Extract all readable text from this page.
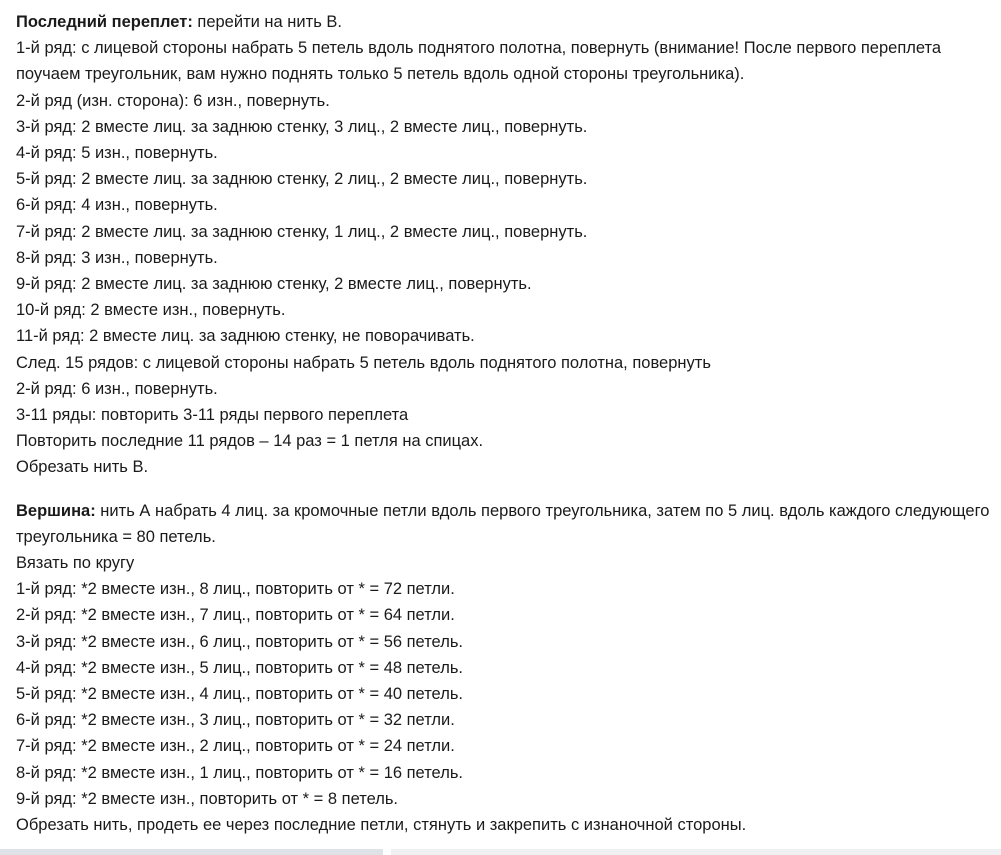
Последний переплет: перейти на нить В.
1-й ряд: с лицевой стороны набрать 5 петель вдоль поднятого полотна, повернуть (внимание! После первого переплета поучаем треугольник, вам нужно поднять только 5 петель вдоль одной стороны треугольника).
2-й ряд (изн. сторона): 6 изн., повернуть.
3-й ряд: 2 вместе лиц. за заднюю стенку, 3 лиц., 2 вместе лиц., повернуть.
4-й ряд: 5 изн., повернуть.
5-й ряд: 2 вместе лиц. за заднюю стенку, 2 лиц., 2 вместе лиц., повернуть.
6-й ряд: 4 изн., повернуть.
7-й ряд: 2 вместе лиц. за заднюю стенку, 1 лиц., 2 вместе лиц., повернуть.
8-й ряд: 3 изн., повернуть.
9-й ряд: 2 вместе лиц. за заднюю стенку, 2 вместе лиц., повернуть.
10-й ряд: 2 вместе изн., повернуть.
11-й ряд: 2 вместе лиц. за заднюю стенку, не поворачивать.
След. 15 рядов: с лицевой стороны набрать 5 петель вдоль поднятого полотна, повернуть
2-й ряд: 6 изн., повернуть.
3-11 ряды: повторить 3-11 ряды первого переплета
Повторить последние 11 рядов – 14 раз = 1 петля на спицах.
Обрезать нить В.
Вершина: нить А набрать 4 лиц. за кромочные петли вдоль первого треугольника, затем по 5 лиц. вдоль каждого следующего треугольника = 80 петель.
Вязать по кругу
1-й ряд: *2 вместе изн., 8 лиц., повторить от * = 72 петли.
2-й ряд: *2 вместе изн., 7 лиц., повторить от * = 64 петли.
3-й ряд: *2 вместе изн., 6 лиц., повторить от * = 56 петель.
4-й ряд: *2 вместе изн., 5 лиц., повторить от * = 48 петель.
5-й ряд: *2 вместе изн., 4 лиц., повторить от * = 40 петель.
6-й ряд: *2 вместе изн., 3 лиц., повторить от * = 32 петли.
7-й ряд: *2 вместе изн., 2 лиц., повторить от * = 24 петли.
8-й ряд: *2 вместе изн., 1 лиц., повторить от * = 16 петель.
9-й ряд: *2 вместе изн., повторить от * = 8 петель.
Обрезать нить, продеть ее через последние петли, стянуть и закрепить с изнаночной стороны.
